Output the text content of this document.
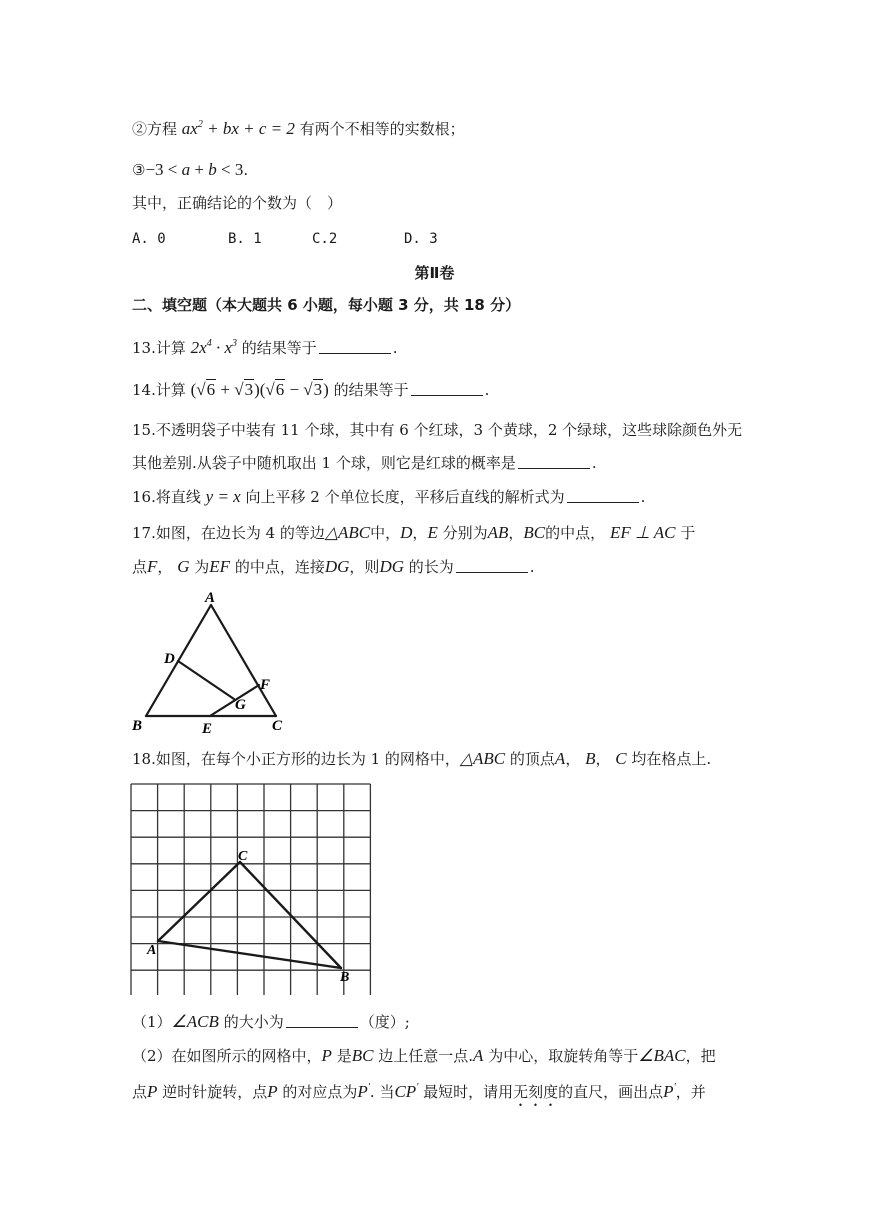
②方程 $ax^2$ + bx + c = 2 有两个不相等的实数根；
③−3 < a + b < 3.
其中，正确结论的个数为（　）
A. 0	B. 1	C.2	D. 3
第Ⅱ卷
二、填空题（本大题共 6 小题，每小题 3 分，共 18 分）
13.计算 $2x^4 \cdot x^3$ 的结果等于	.
14.计算 (√6 + √3)(√6 − √3) 的结果等于	.
15.不透明袋子中装有 11 个球，其中有 6 个红球，3 个黄球，2 个绿球，这些球除颜色外无
其他差别.从袋子中随机取出 1 个球，则它是红球的概率是	.
16.将直线 y = x 向上平移 2 个单位长度，平移后直线的解析式为	.
17.如图，在边长为 4 的等边△ABC中，D，E 分别为AB，BC的中点， EF ⊥ AC 于
点F， G 为EF 的中点，连接DG，则DG 的长为	.
A
D
F
G
B	E	C
18.如图，在每个小正方形的边长为 1 的网格中，△ABC 的顶点A， B， C 均在格点上.
C
A
B
（1）∠ACB 的大小为	（度）;
（2）在如图所示的网格中，P 是BC 边上任意一点.A 为中心，取旋转角等于∠BAC，把
点P 逆时针旋转，点P 的对应点为P'. 当CP' 最短时，请用无刻度的直尺，画出点P'，并
